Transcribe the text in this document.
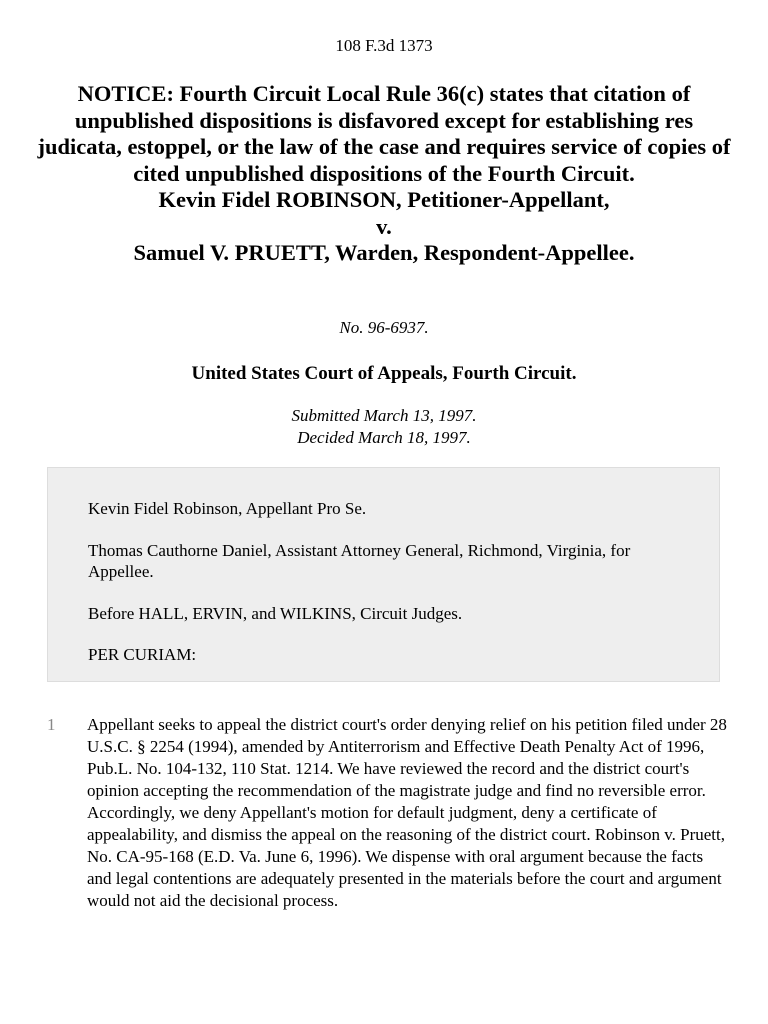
108 F.3d 1373
NOTICE: Fourth Circuit Local Rule 36(c) states that citation of unpublished dispositions is disfavored except for establishing res judicata, estoppel, or the law of the case and requires service of copies of cited unpublished dispositions of the Fourth Circuit.
Kevin Fidel ROBINSON, Petitioner-Appellant,
v.
Samuel V. PRUETT, Warden, Respondent-Appellee.
No. 96-6937.
United States Court of Appeals, Fourth Circuit.
Submitted March 13, 1997.
Decided March 18, 1997.

Kevin Fidel Robinson, Appellant Pro Se.

Thomas Cauthorne Daniel, Assistant Attorney General, Richmond, Virginia, for Appellee.

Before HALL, ERVIN, and WILKINS, Circuit Judges.

PER CURIAM:

1 Appellant seeks to appeal the district court's order denying relief on his petition filed under 28 U.S.C. § 2254 (1994), amended by Antiterrorism and Effective Death Penalty Act of 1996, Pub.L. No. 104-132, 110 Stat. 1214. We have reviewed the record and the district court's opinion accepting the recommendation of the magistrate judge and find no reversible error. Accordingly, we deny Appellant's motion for default judgment, deny a certificate of appealability, and dismiss the appeal on the reasoning of the district court. Robinson v. Pruett, No. CA-95-168 (E.D. Va. June 6, 1996). We dispense with oral argument because the facts and legal contentions are adequately presented in the materials before the court and argument would not aid the decisional process.
